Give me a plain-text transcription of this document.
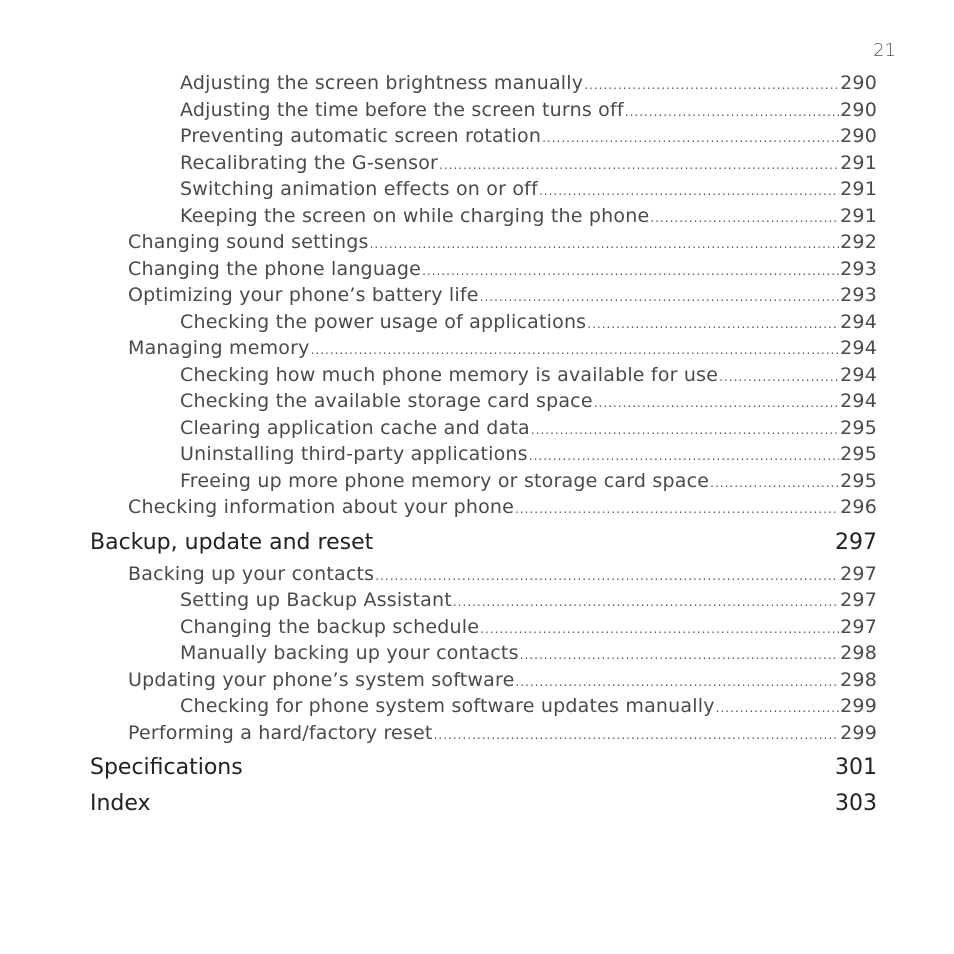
21
Adjusting the screen brightness manually .....	290
Adjusting the time before the screen turns off .....	290
Preventing automatic screen rotation .....	290
Recalibrating the G-sensor .....	291
Switching animation effects on or off .....	291
Keeping the screen on while charging the phone .....	291
Changing sound settings .....	292
Changing the phone language .....	293
Optimizing your phone’s battery life .....	293
Checking the power usage of applications .....	294
Managing memory .....	294
Checking how much phone memory is available for use .....	294
Checking the available storage card space .....	294
Clearing application cache and data .....	295
Uninstalling third-party applications .....	295
Freeing up more phone memory or storage card space .....	295
Checking information about your phone .....	296
Backup, update and reset	297
Backing up your contacts .....	297
Setting up Backup Assistant .....	297
Changing the backup schedule .....	297
Manually backing up your contacts .....	298
Updating your phone’s system software .....	298
Checking for phone system software updates manually .....	299
Performing a hard/factory reset .....	299
Specifications	301
Index	303
